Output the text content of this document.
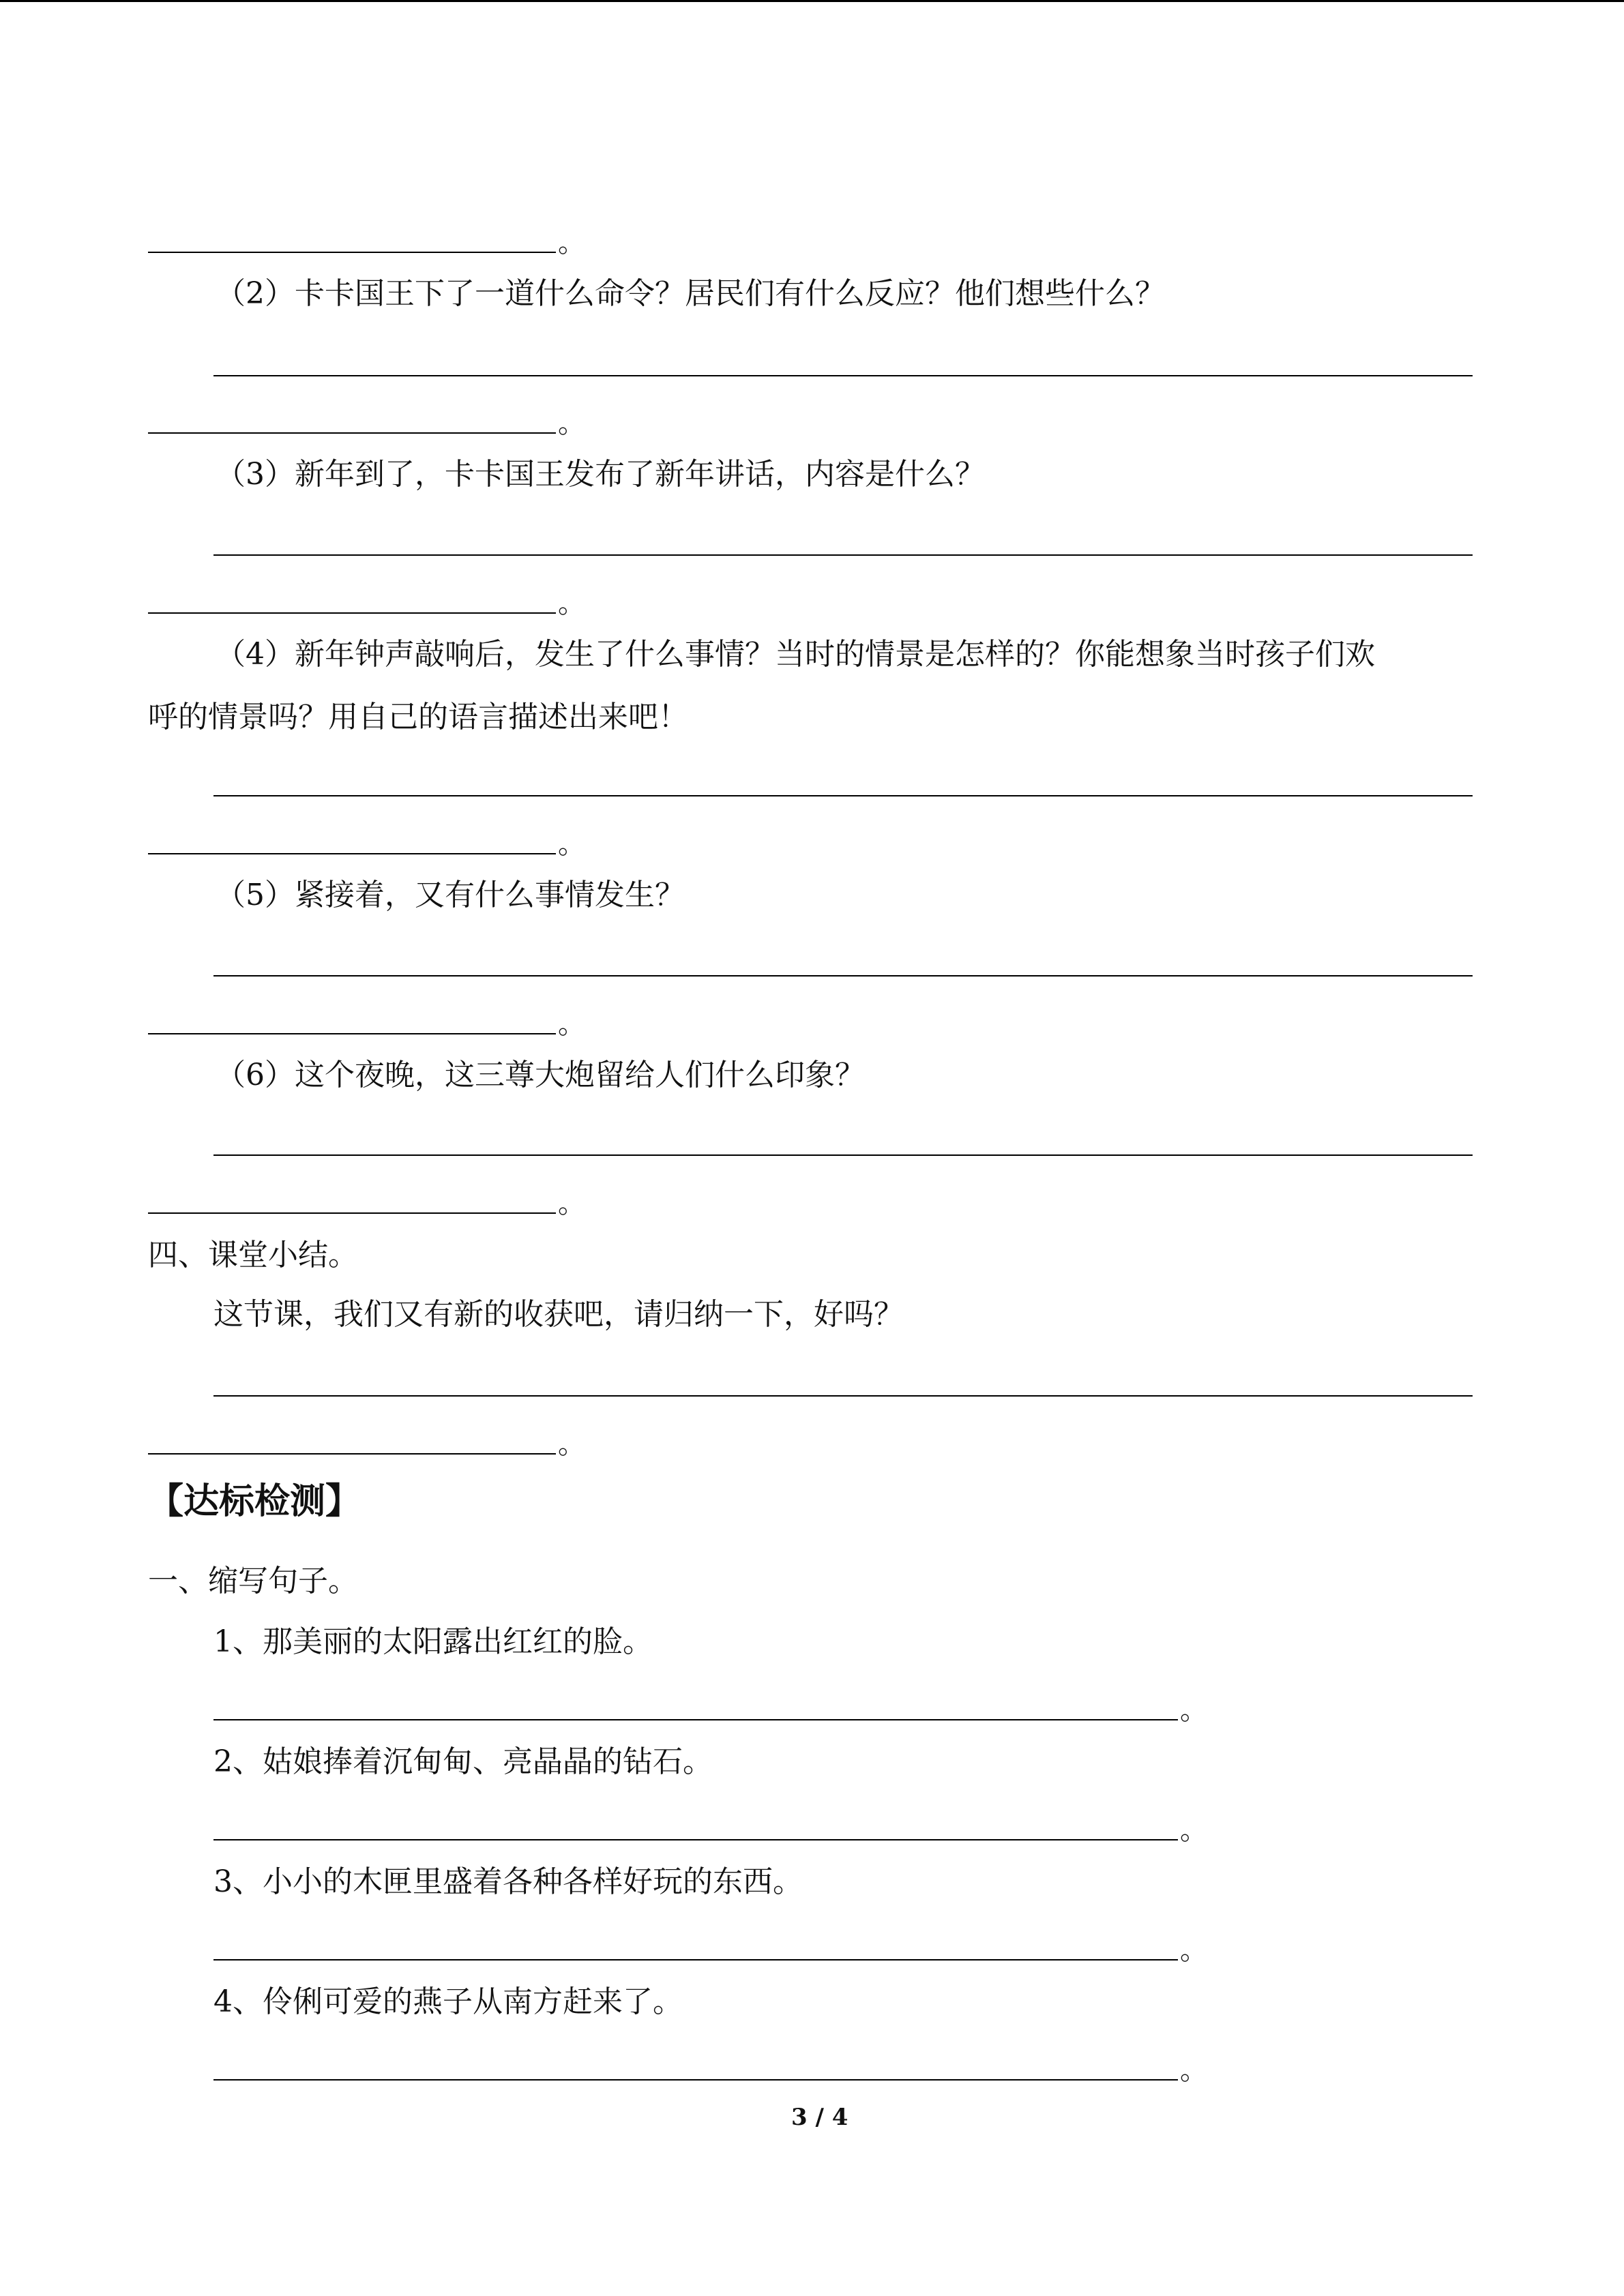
。
（2）卡卡国王下了一道什么命令？居民们有什么反应？他们想些什么？
。
（3）新年到了，卡卡国王发布了新年讲话，内容是什么？
。
（4）新年钟声敲响后，发生了什么事情？当时的情景是怎样的？你能想象当时孩子们欢
呼的情景吗？用自己的语言描述出来吧！
。
（5）紧接着，又有什么事情发生？
。
（6）这个夜晚，这三尊大炮留给人们什么印象？
。
四、课堂小结。
这节课，我们又有新的收获吧，请归纳一下，好吗？
。
【达标检测】
一、缩写句子。
1、那美丽的太阳露出红红的脸。
。
2、姑娘捧着沉甸甸、亮晶晶的钻石。
。
3、小小的木匣里盛着各种各样好玩的东西。
。
4、伶俐可爱的燕子从南方赶来了。
。
3 / 4
